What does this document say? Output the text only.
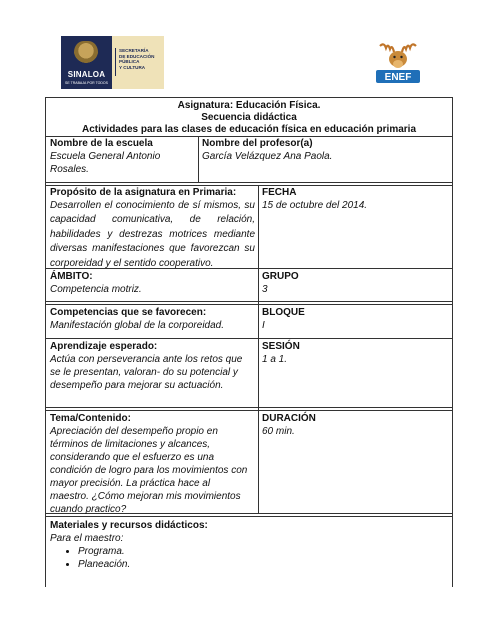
SINALOA
SE TRABAJA POR TODOS
SECRETARÍA
DE EDUCACIÓN
PÚBLICA
Y CULTURA
ENEF
Asignatura: Educación Física.
Secuencia didáctica
Actividades para las clases de educación física en educación primaria
Nombre de la escuela
Escuela General Antonio Rosales.
Nombre del profesor(a)
García Velázquez Ana Paola.
Propósito de la asignatura en Primaria:
Desarrollen el conocimiento de sí mismos, su capacidad comunicativa, de relación, habilidades y destrezas motrices mediante diversas manifestaciones que favorezcan su corporeidad y el sentido cooperativo.
FECHA
15 de octubre del 2014.
ÁMBITO:
Competencia motriz.
GRUPO
3
Competencias que se favorecen:
Manifestación global de la corporeidad.
BLOQUE
I
Aprendizaje esperado:
Actúa con perseverancia ante los retos que se le presentan, valoran- do su potencial y desempeño para mejorar su actuación.
SESIÓN
1 a 1.
Tema/Contenido:
Apreciación del desempeño propio en términos de limitaciones y alcances, considerando que el esfuerzo es una condición de logro para los movimientos con mayor precisión. La práctica hace al maestro. ¿Cómo mejoran mis movimientos cuando practico?
DURACIÓN
60 min.
Materiales y recursos didácticos:
Para el maestro:
• Programa.
• Planeación.
